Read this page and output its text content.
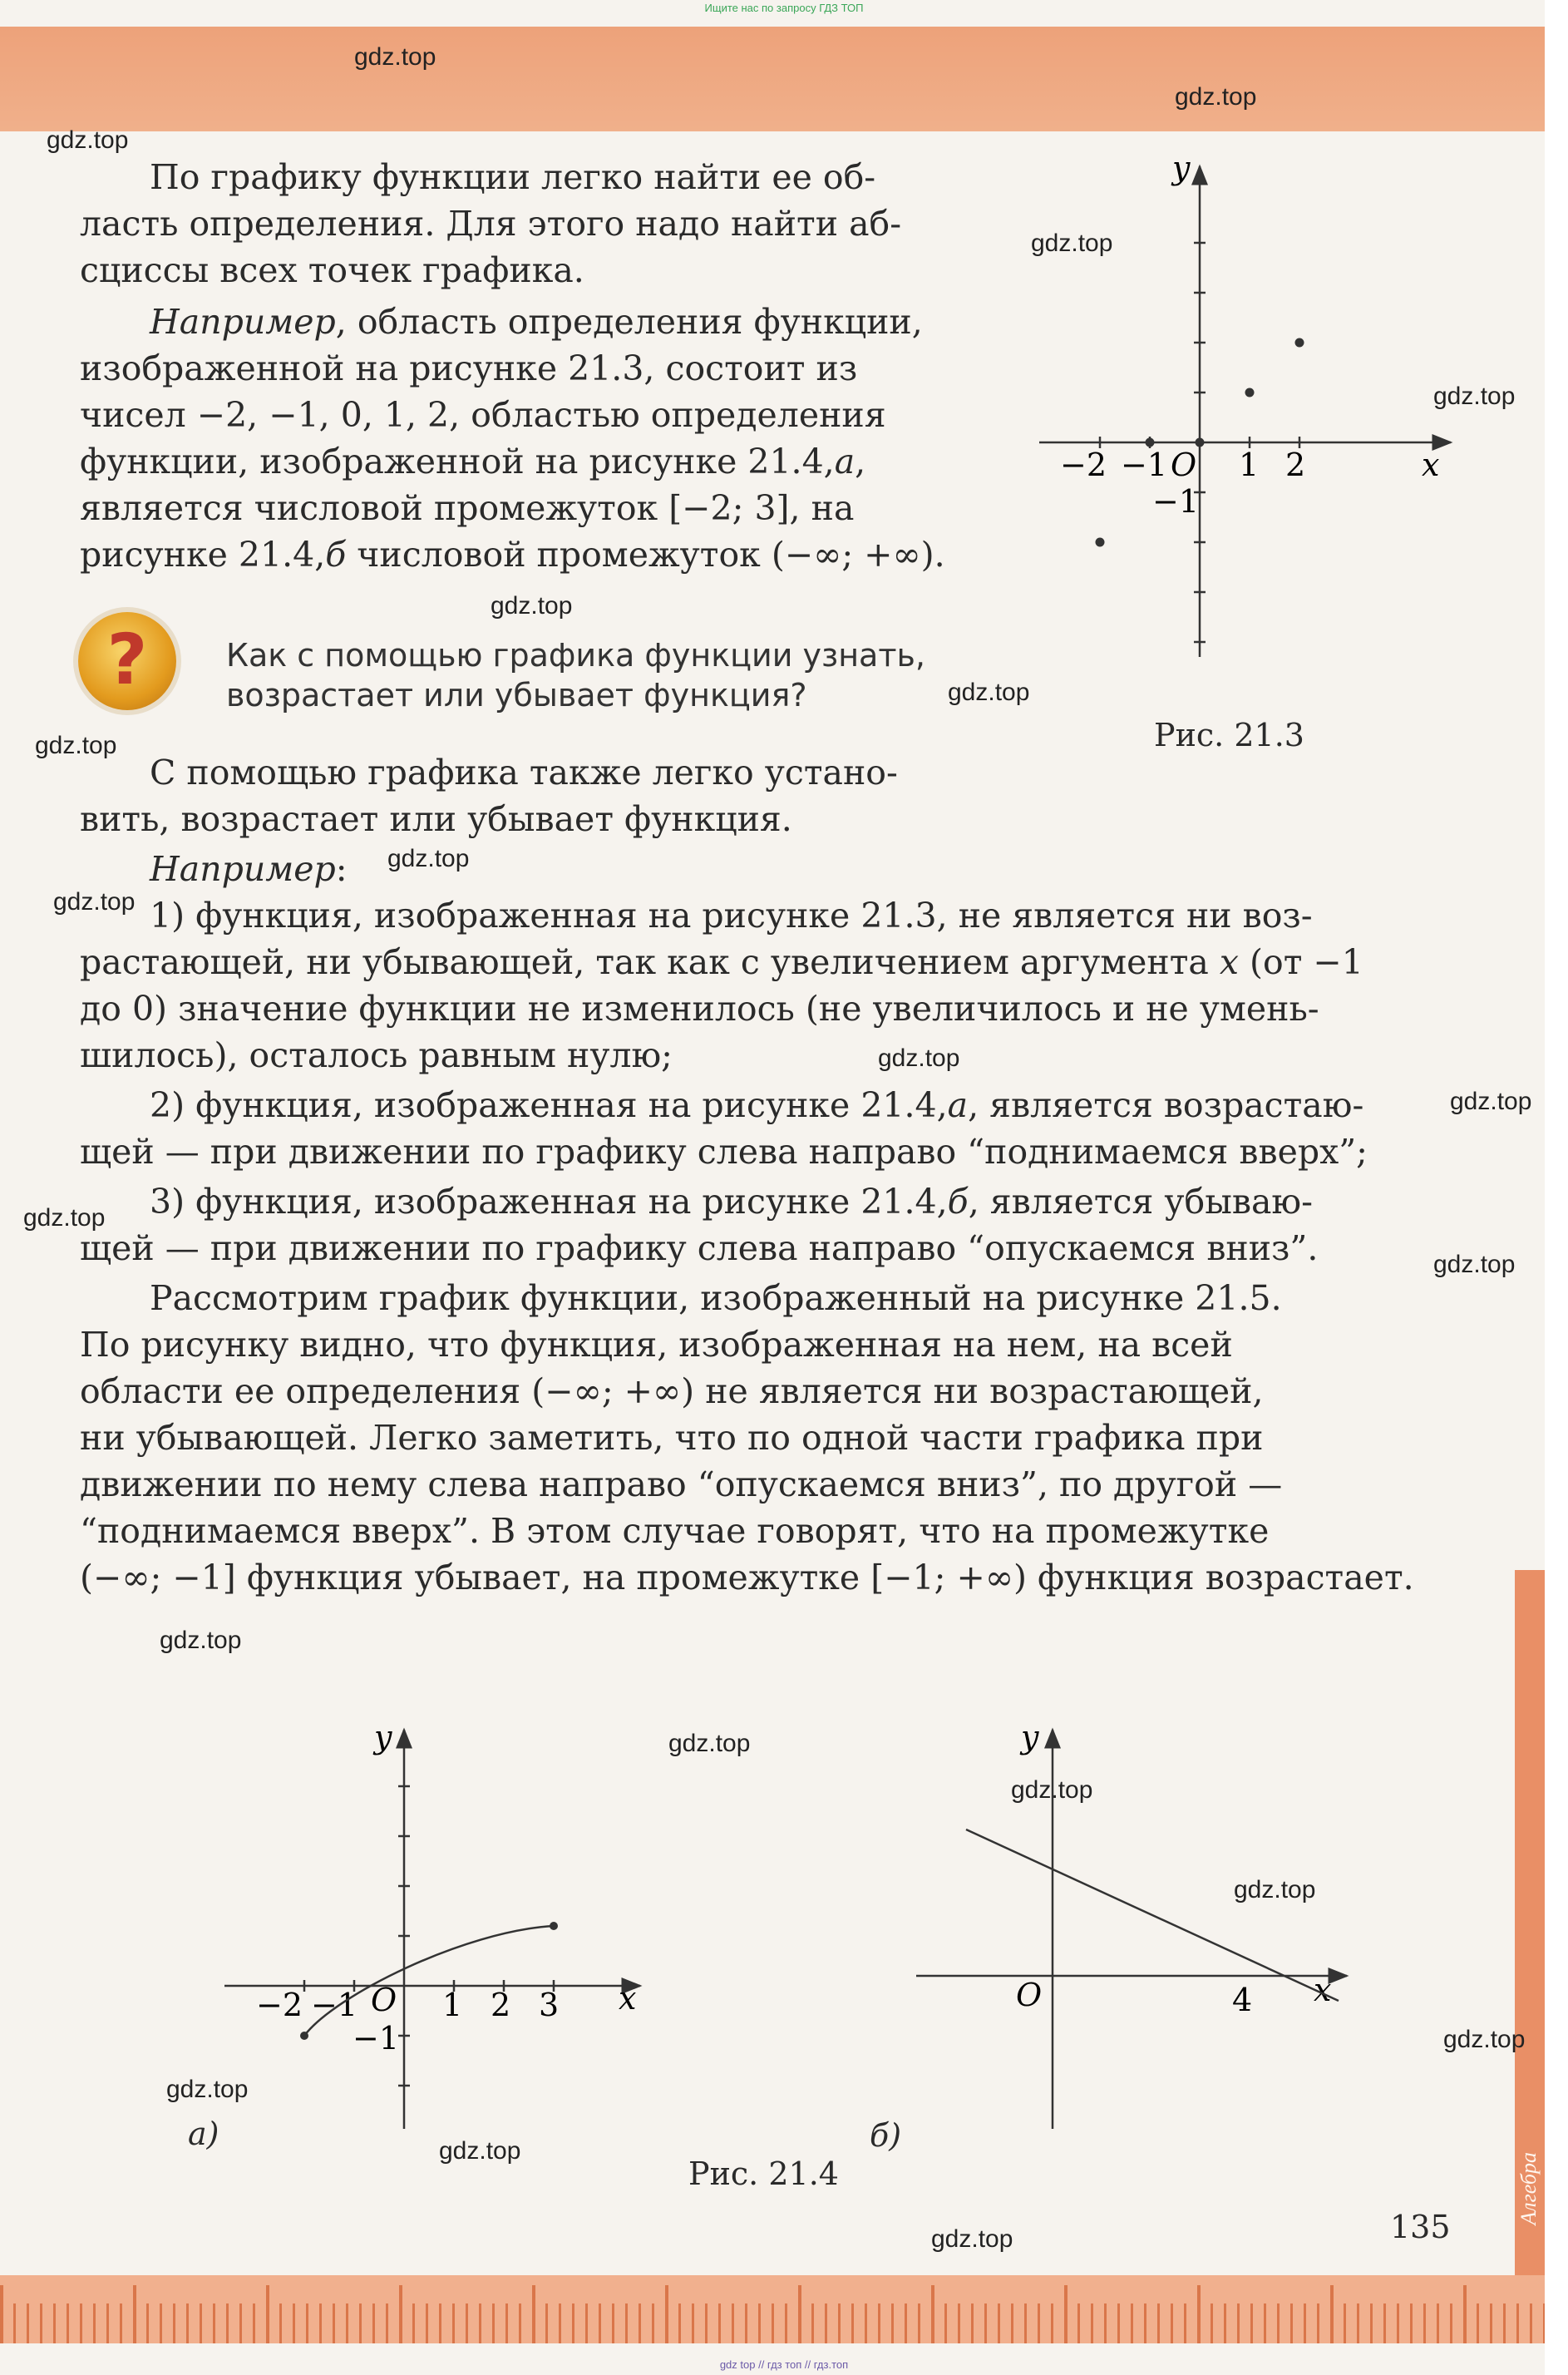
Ищите нас по запросу ГДЗ ТОП
Алгебра
gdz top // гдз топ // гдз.топ
gdz.top
gdz.top
gdz.top
gdz.top
gdz.top
gdz.top
gdz.top
gdz.top
gdz.top
gdz.top
gdz.top
gdz.top
gdz.top
gdz.top
gdz.top
gdz.top
gdz.top
gdz.top
gdz.top
gdz.top
gdz.top
gdz.top
По графику функции легко найти ее об-
ласть определения. Для этого надо найти аб-
сциссы всех точек графика.
Например, область определения функции,
изображенной на рисунке 21.3, состоит из
чисел −2, −1, 0, 1, 2, областью определения
функции, изображенной на рисунке 21.4,а,
является числовой промежуток [−2; 3], на
рисунке 21.4,б числовой промежуток (−∞; +∞).
?	Как с помощью графика функции узнать,
возрастает или убывает функция?
С помощью графика также легко устано-
вить, возрастает или убывает функция.
Например:
1) функция, изображенная на рисунке 21.3, не является ни воз-
растающей, ни убывающей, так как с увеличением аргумента x (от −1
до 0) значение функции не изменилось (не увеличилось и не умень-
шилось), осталось равным нулю;
2) функция, изображенная на рисунке 21.4,а, является возрастаю-
щей — при движении по графику слева направо “поднимаемся вверх”;
3) функция, изображенная на рисунке 21.4,б, является убываю-
щей — при движении по графику слева направо “опускаемся вниз”.
Рассмотрим график функции, изображенный на рисунке 21.5.
По рисунку видно, что функция, изображенная на нем, на всей
области ее определения (−∞; +∞) не является ни возрастающей,
ни убывающей. Легко заметить, что по одной части графика при
движении по нему слева направо “опускаемся вниз”, по другой —
“поднимаемся вверх”. В этом случае говорят, что на промежутке
(−∞; −1] функция убывает, на промежутке [−1; +∞) функция возрастает.
y
x
O
−2 −1 1 2
−1
Рис. 21.3
y
x
O
−2 −1	1 2 3
−1
а)
y
x
O	4
б)
Рис. 21.4
135
